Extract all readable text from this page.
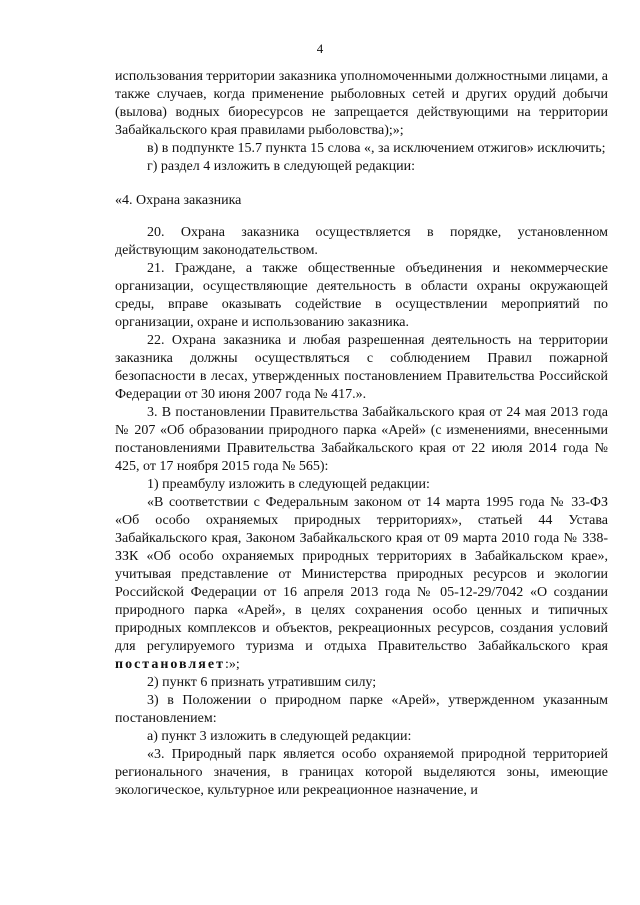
4

использования территории заказника уполномоченными должностными лицами, а также случаев, когда применение рыболовных сетей и других орудий добычи (вылова) водных биоресурсов не запрещается действующими на территории Забайкальского края правилами рыболовства);»;

в) в подпункте 15.7 пункта 15 слова «, за исключением отжигов» исключить;

г) раздел 4 изложить в следующей редакции:

«4. Охрана заказника

20. Охрана заказника осуществляется в порядке, установленном действующим законодательством.

21. Граждане, а также общественные объединения и некоммерческие организации, осуществляющие деятельность в области охраны окружающей среды, вправе оказывать содействие в осуществлении мероприятий по организации, охране и использованию заказника.

22. Охрана заказника и любая разрешенная деятельность на территории заказника должны осуществляться с соблюдением Правил пожарной безопасности в лесах, утвержденных постановлением Правительства Российской Федерации от 30 июня 2007 года № 417.».

3. В постановлении Правительства Забайкальского края от 24 мая 2013 года № 207 «Об образовании природного парка «Арей» (с изменениями, внесенными постановлениями Правительства Забайкальского края от 22 июля 2014 года № 425, от 17 ноября 2015 года № 565):

1) преамбулу изложить в следующей редакции:

«В соответствии с Федеральным законом от 14 марта 1995 года № 33-ФЗ «Об особо охраняемых природных территориях», статьей 44 Устава Забайкальского края, Законом Забайкальского края от 09 марта 2010 года № 338-ЗЗК «Об особо охраняемых природных территориях в Забайкальском крае», учитывая представление от Министерства природных ресурсов и экологии Российской Федерации от 16 апреля 2013 года № 05-12-29/7042 «О создании природного парка «Арей», в целях сохранения особо ценных и типичных природных комплексов и объектов, рекреационных ресурсов, создания условий для регулируемого туризма и отдыха Правительство Забайкальского края постановляет:»;

2) пункт 6 признать утратившим силу;

3) в Положении о природном парке «Арей», утвержденном указанным постановлением:

а) пункт 3 изложить в следующей редакции:

«3. Природный парк является особо охраняемой природной территорией регионального значения, в границах которой выделяются зоны, имеющие экологическое, культурное или рекреационное назначение, и
